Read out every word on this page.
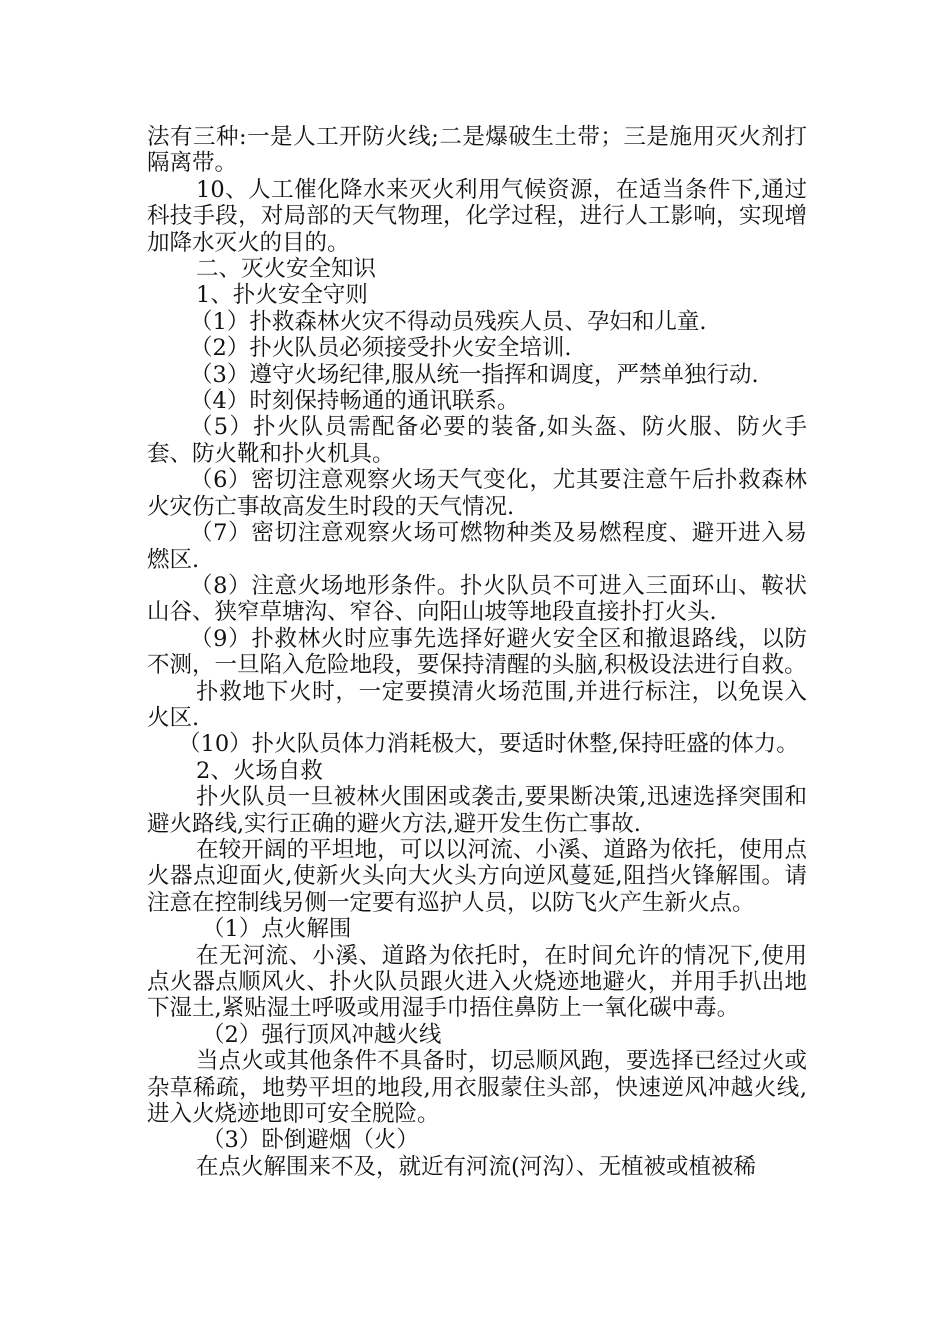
法有三种:一是人工开防火线;二是爆破生土带；三是施用灭火剂打隔离带。

10、人工催化降水来灭火利用气候资源，在适当条件下,通过科技手段，对局部的天气物理，化学过程，进行人工影响，实现增加降水灭火的目的。

二、灭火安全知识

1、扑火安全守则

（1）扑救森林火灾不得动员残疾人员、孕妇和儿童.

（2）扑火队员必须接受扑火安全培训.

（3）遵守火场纪律,服从统一指挥和调度，严禁单独行动.

（4）时刻保持畅通的通讯联系。

（5）扑火队员需配备必要的装备,如头盔、防火服、防火手套、防火靴和扑火机具。

（6）密切注意观察火场天气变化，尤其要注意午后扑救森林火灾伤亡事故高发生时段的天气情况.

（7）密切注意观察火场可燃物种类及易燃程度、避开进入易燃区.

（8）注意火场地形条件。扑火队员不可进入三面环山、鞍状山谷、狭窄草塘沟、窄谷、向阳山坡等地段直接扑打火头.

（9）扑救林火时应事先选择好避火安全区和撤退路线，以防不测，一旦陷入危险地段，要保持清醒的头脑,积极设法进行自救。

扑救地下火时，一定要摸清火场范围,并进行标注，以免误入火区.

（10）扑火队员体力消耗极大，要适时休整,保持旺盛的体力。

2、火场自救

扑火队员一旦被林火围困或袭击,要果断决策,迅速选择突围和避火路线,实行正确的避火方法,避开发生伤亡事故.

在较开阔的平坦地，可以以河流、小溪、道路为依托，使用点火器点迎面火,使新火头向大火头方向逆风蔓延,阻挡火锋解围。请注意在控制线另侧一定要有巡护人员，以防飞火产生新火点。

（1）点火解围

在无河流、小溪、道路为依托时，在时间允许的情况下,使用点火器点顺风火、扑火队员跟火进入火烧迹地避火，并用手扒出地下湿土,紧贴湿土呼吸或用湿手巾捂住鼻防上一氧化碳中毒。

（2）强行顶风冲越火线

当点火或其他条件不具备时，切忌顺风跑，要选择已经过火或杂草稀疏，地势平坦的地段,用衣服蒙住头部，快速逆风冲越火线,进入火烧迹地即可安全脱险。

（3）卧倒避烟（火）

在点火解围来不及，就近有河流(河沟）、无植被或植被稀
